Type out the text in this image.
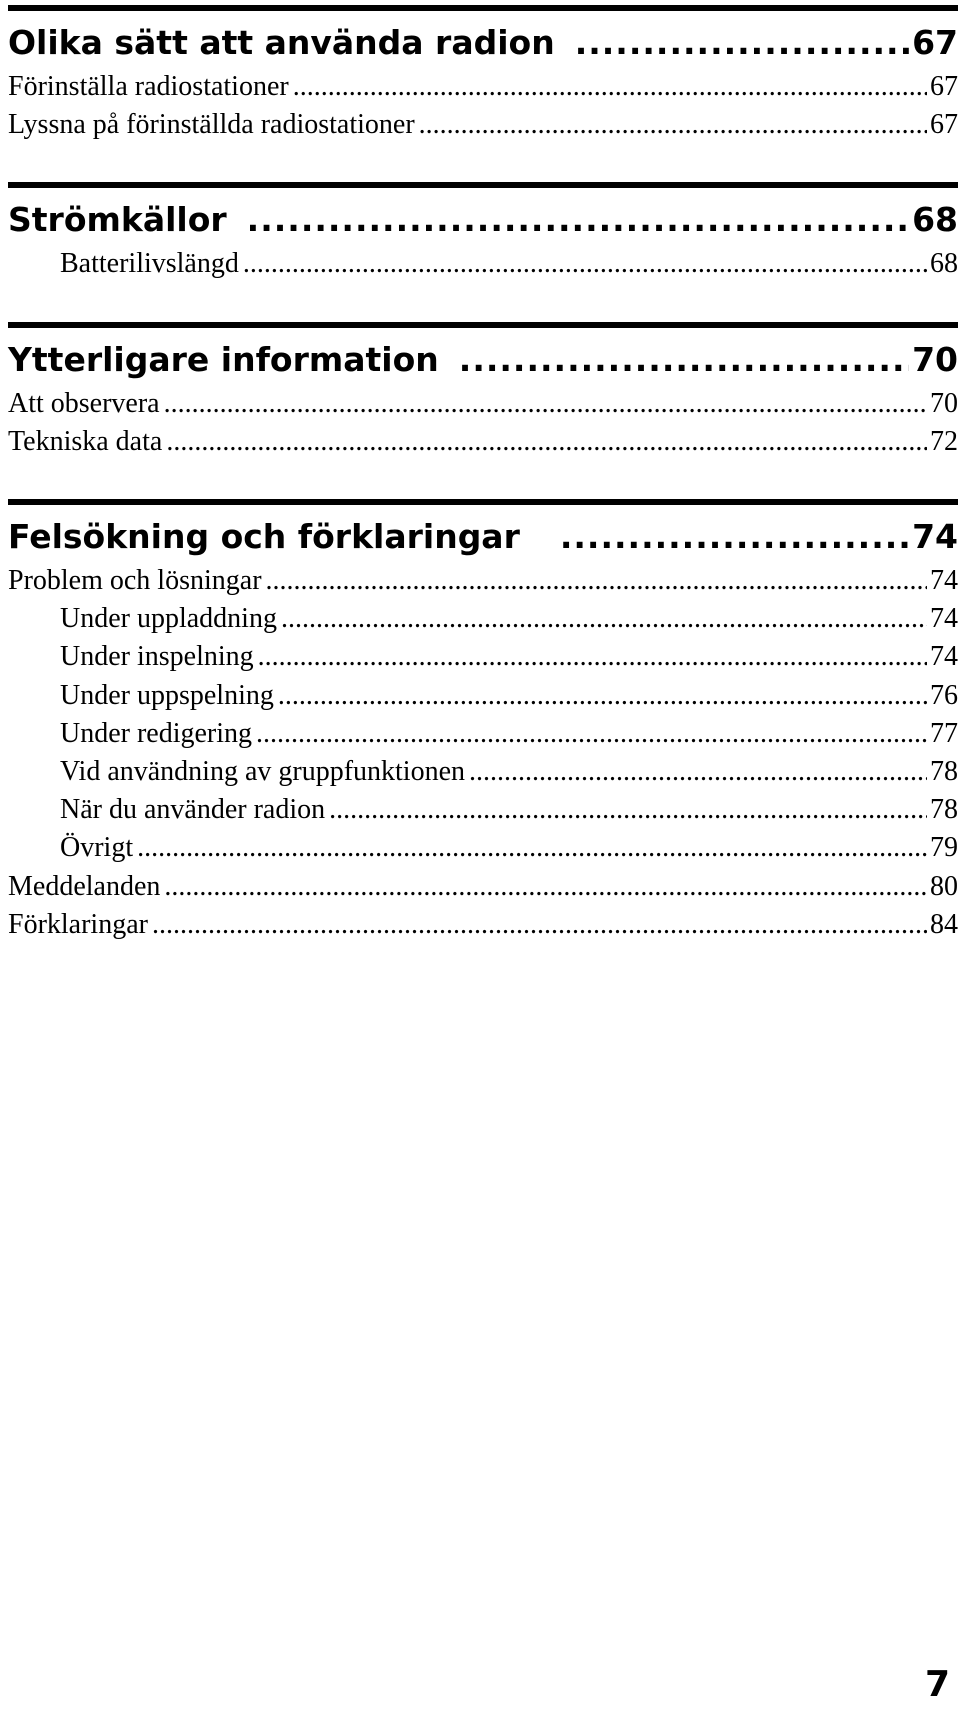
Olika sätt att använda radion .....	67
Förinställa radiostationer .....	67
Lyssna på förinställda radiostationer .....	67
Strömkällor .....	68
Batterilivslängd .....	68
Ytterligare information .....	70
Att observera .....	70
Tekniska data .....	72
Felsökning och förklaringar .....	74
Problem och lösningar .....	74
Under uppladdning .....	74
Under inspelning .....	74
Under uppspelning .....	76
Under redigering .....	77
Vid användning av gruppfunktionen .....	78
När du använder radion .....	78
Övrigt .....	79
Meddelanden .....	80
Förklaringar .....	84
7
